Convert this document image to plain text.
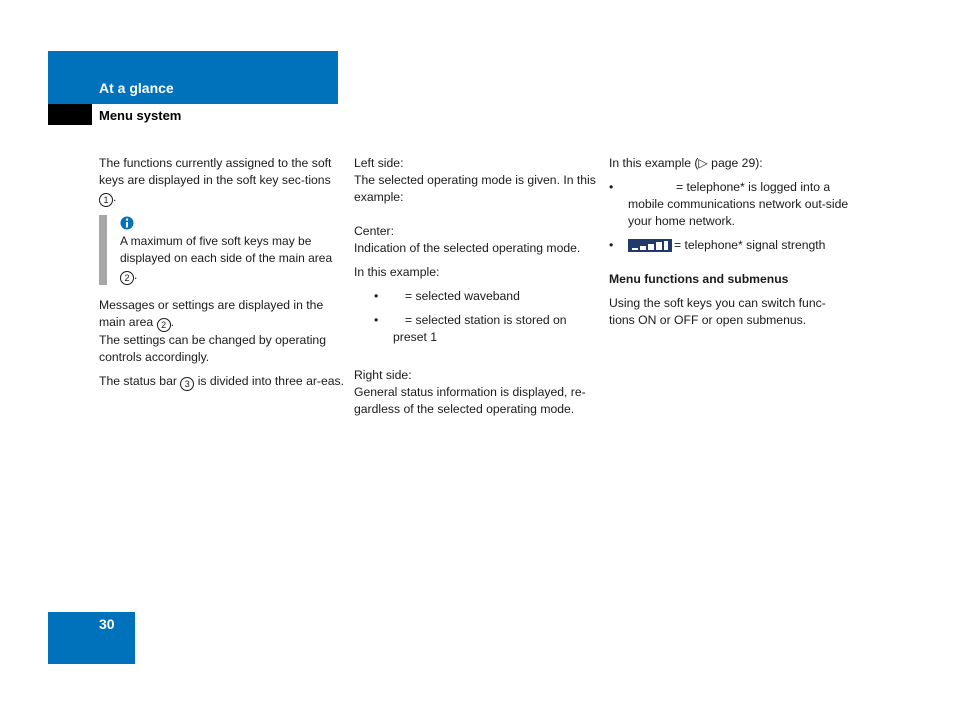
At a glance
Menu system

The functions currently assigned to the soft keys are displayed in the soft key sec-tions 1 .

A maximum of five soft keys may be displayed on each side of the main area 2 .

Messages or settings are displayed in the main area 2 .

The settings can be changed by operating controls accordingly.

The status bar 3 is divided into three ar-eas.

Left side:

The selected operating mode is given. In this example:

Center:

Indication of the selected operating mode.

In this example:

• = selected waveband

• = selected station is stored on preset 1

Right side:

General status information is displayed, re-gardless of the selected operating mode.

In this example (▷ page 29):

• = telephone* is logged into a mobile communications network out-side your home network.

• = telephone* signal strength

Menu functions and submenus

Using the soft keys you can switch func-tions ON or OFF or open submenus.

30
